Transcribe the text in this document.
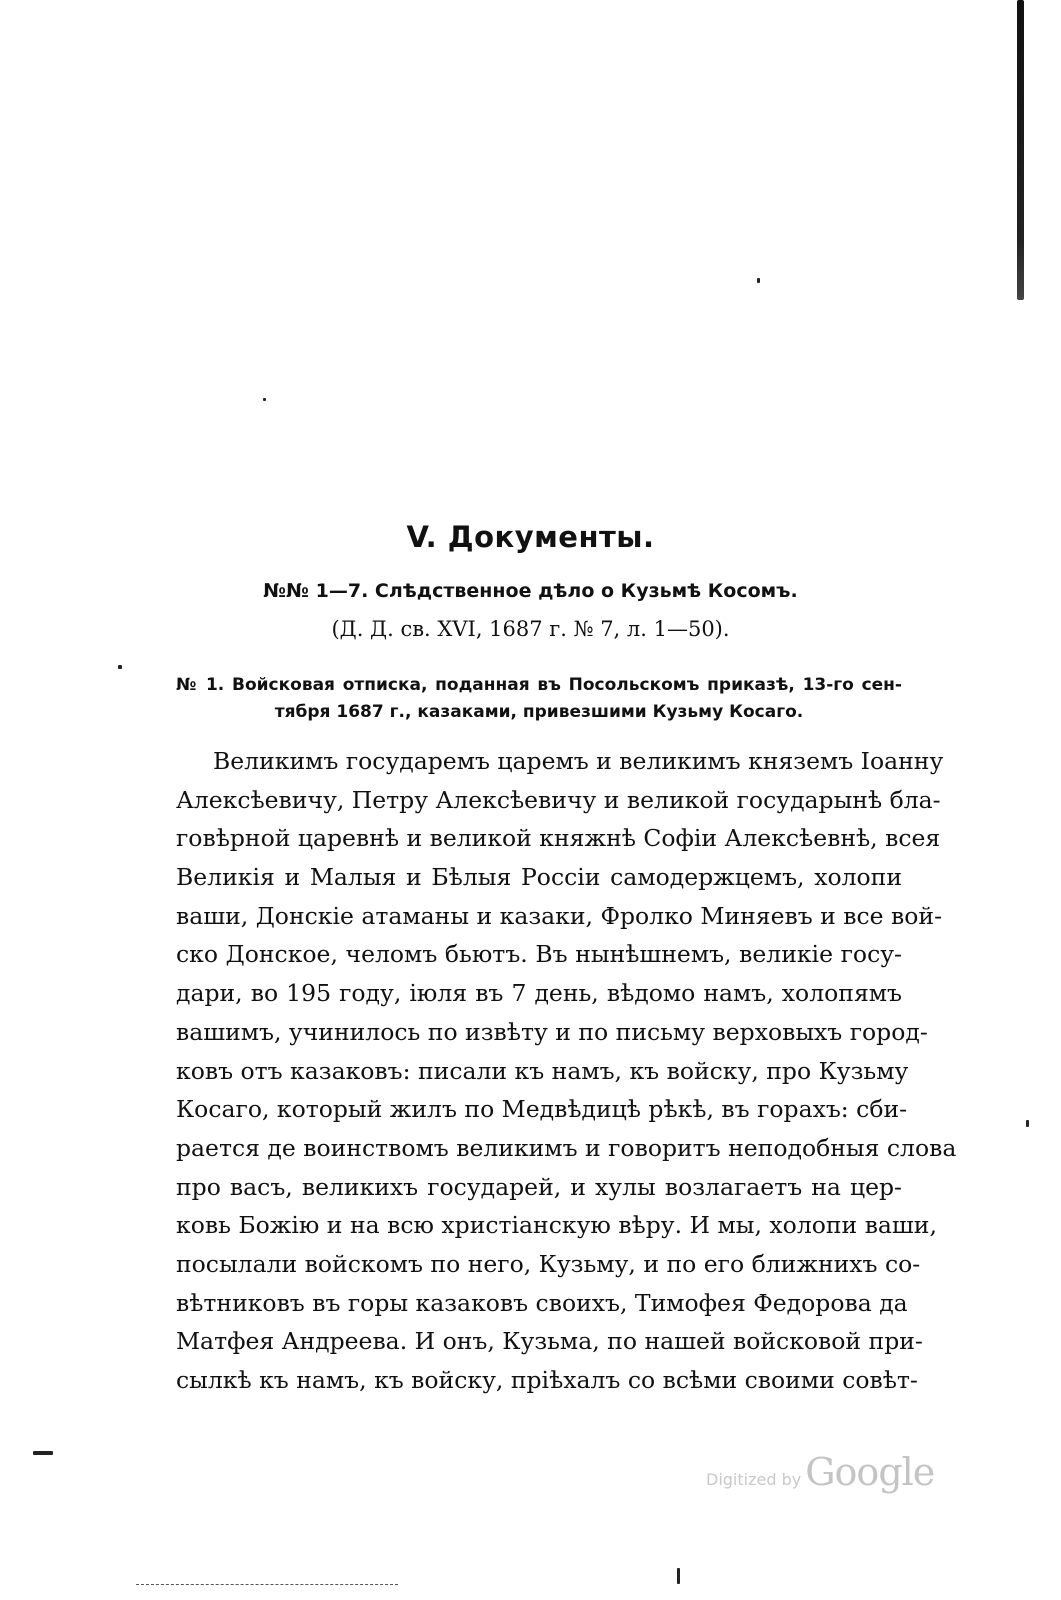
V. Документы.
№№ 1—7. Слѣдственное дѣло о Кузьмѣ Косомъ.
(Д. Д. св. XVI, 1687 г. № 7, л. 1—50).
№ 1. Войсковая отписка, поданная въ Посольскомъ приказѣ, 13-го сен-
тября 1687 г., казаками, привезшими Кузьму Косаго.
Великимъ государемъ царемъ и великимъ княземъ Іоанну
Алексѣевичу, Петру Алексѣевичу и великой государынѣ бла-
говѣрной царевнѣ и великой княжнѣ Софіи Алексѣевнѣ, всея
Великія и Малыя и Бѣлыя Россіи самодержцемъ, холопи
ваши, Донскіе атаманы и казаки, Фролко Миняевъ и все вой-
ско Донское, челомъ бьютъ. Въ нынѣшнемъ, великіе госу-
дари, во 195 году, іюля въ 7 день, вѣдомо намъ, холопямъ
вашимъ, учинилось по извѣту и по письму верховыхъ город-
ковъ отъ казаковъ: писали къ намъ, къ войску, про Кузьму
Косаго, который жилъ по Медвѣдицѣ рѣкѣ, въ горахъ: сби-
рается де воинствомъ великимъ и говоритъ неподобныя слова
про васъ, великихъ государей, и хулы возлагаетъ на цер-
ковь Божію и на всю христіанскую вѣру. И мы, холопи ваши,
посылали войскомъ по него, Кузьму, и по его ближнихъ со-
вѣтниковъ въ горы казаковъ своихъ, Тимофея Федорова да
Матфея Андреева. И онъ, Кузьма, по нашей войсковой при-
сылкѣ къ намъ, къ войску, пріѣхалъ со всѣми своими совѣт-
Digitized by Google
